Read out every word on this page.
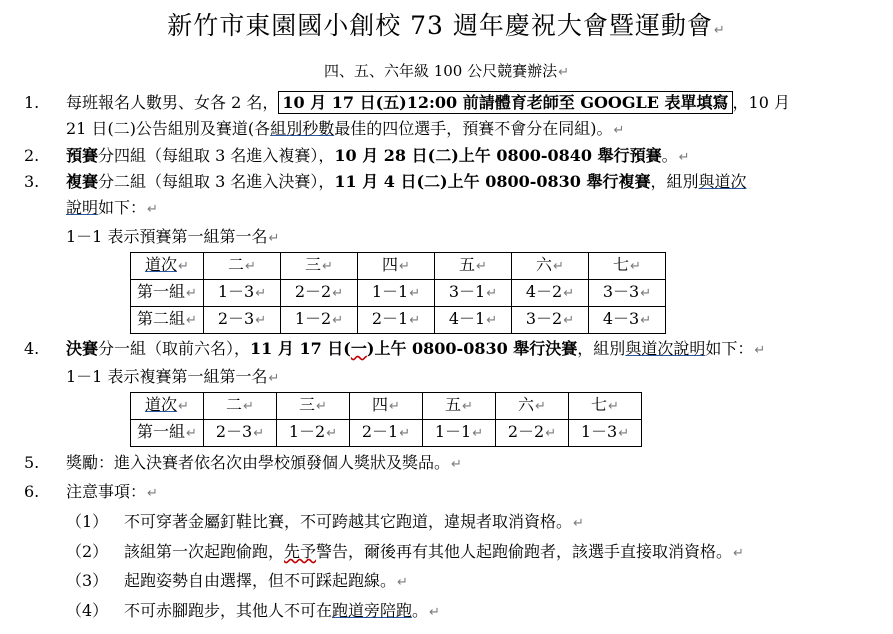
新竹市東園國小創校 73 週年慶祝大會暨運動會↵
四、五、六年級 100 公尺競賽辦法↵
1. 每班報名人數男、女各 2 名， 10 月 17 日(五)12:00 前請體育老師至 GOOGLE 表單填寫 ，10 月
21 日(二)公告組別及賽道(各組別秒數最佳的四位選手，預賽不會分在同組)。↵
2. 預賽分四組（每組取 3 名進入複賽），10 月 28 日(二)上午 0800-0840 舉行預賽。↵
3. 複賽分二組（每組取 3 名進入決賽），11 月 4 日(二)上午 0800-0830 舉行複賽，組別與道次
說明如下：↵
1－1 表示預賽第一組第一名↵
道次↵	二↵	三↵	四↵	五↵	六↵	七↵
第一組↵	1－3↵	2－2↵	1－1↵	3－1↵	4－2↵	3－3↵
第二組↵	2－3↵	1－2↵	2－1↵	4－1↵	3－2↵	4－3↵
4. 決賽分一組（取前六名），11 月 17 日(一)上午 0800-0830 舉行決賽，組別與道次說明如下：↵
1－1 表示複賽第一組第一名↵
道次↵	二↵	三↵	四↵	五↵	六↵	七↵
第一組↵	2－3↵	1－2↵	2－1↵	1－1↵	2－2↵	1－3↵
5. 獎勵：進入決賽者依名次由學校頒發個人獎狀及獎品。↵
6. 注意事項：↵
（1） 不可穿著金屬釘鞋比賽，不可跨越其它跑道，違規者取消資格。↵
（2） 該組第一次起跑偷跑，先予警告，爾後再有其他人起跑偷跑者，該選手直接取消資格。↵
（3） 起跑姿勢自由選擇，但不可踩起跑線。↵
（4） 不可赤腳跑步，其他人不可在跑道旁陪跑。↵
